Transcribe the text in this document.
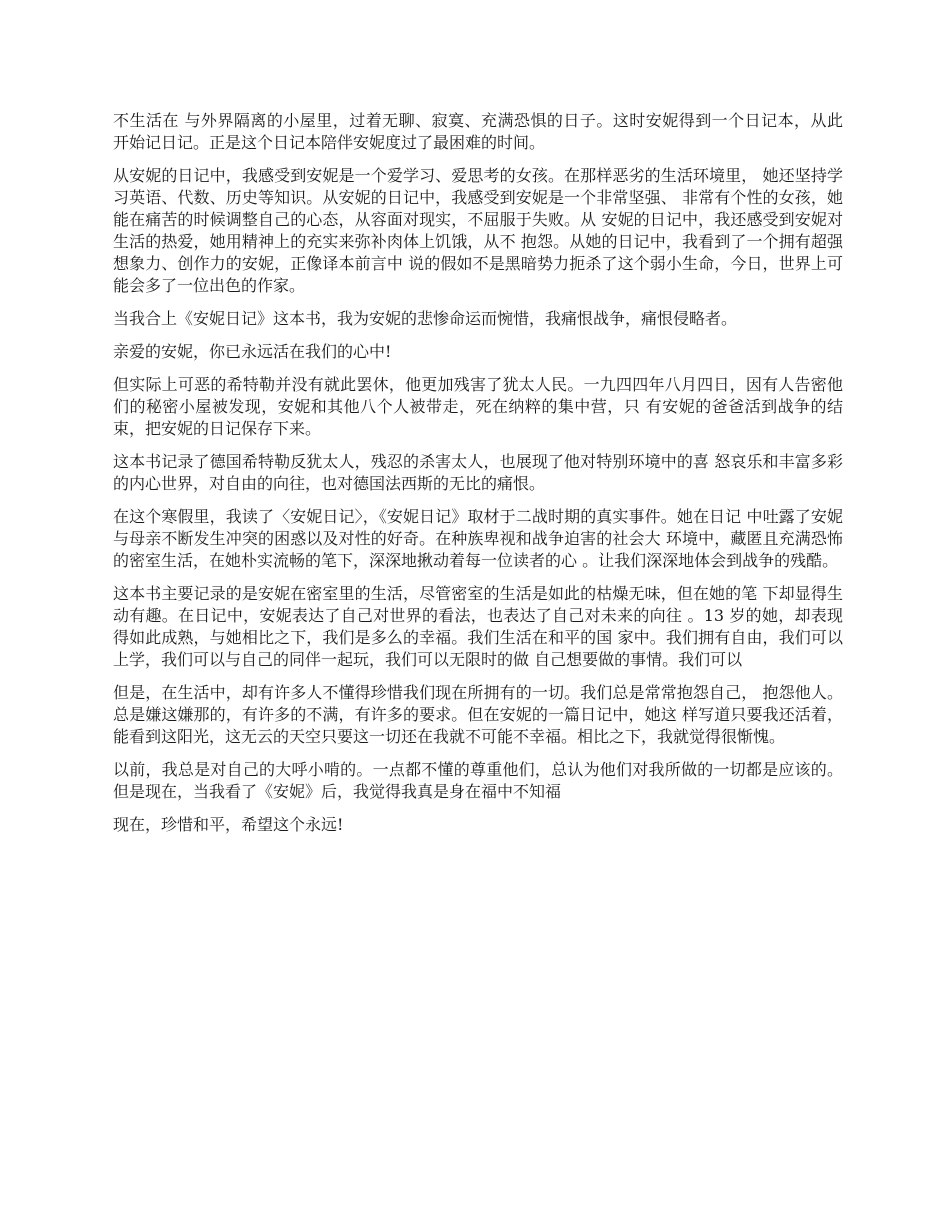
不生活在 与外界隔离的小屋里，过着无聊、寂寞、充满恐惧的日子。这时安妮得到一个日记本，从此 开始记日记。正是这个日记本陪伴安妮度过了最困难的时间。

从安妮的日记中，我感受到安妮是一个爱学习、爱思考的女孩。在那样恶劣的生活环境里， 她还坚持学习英语、代数、历史等知识。从安妮的日记中，我感受到安妮是一个非常坚强、 非常有个性的女孩，她能在痛苦的时候调整自己的心态，从容面对现实，不屈服于失败。从 安妮的日记中，我还感受到安妮对生活的热爱，她用精神上的充实来弥补肉体上饥饿，从不 抱怨。从她的日记中，我看到了一个拥有超强想象力、创作力的安妮，正像译本前言中 说的假如不是黑暗势力扼杀了这个弱小生命，今日，世界上可能会多了一位出色的作家。

当我合上《安妮日记》这本书，我为安妮的悲惨命运而惋惜，我痛恨战争，痛恨侵略者。

亲爱的安妮，你已永远活在我们的心中!

但实际上可恶的希特勒并没有就此罢休，他更加残害了犹太人民。一九四四年八月四日，因有人告密他们的秘密小屋被发现，安妮和其他八个人被带走，死在纳粹的集中营，只 有安妮的爸爸活到战争的结束，把安妮的日记保存下来。

这本书记录了德国希特勒反犹太人，残忍的杀害太人，也展现了他对特别环境中的喜 怒哀乐和丰富多彩的内心世界，对自由的向往，也对德国法西斯的无比的痛恨。

在这个寒假里，我读了〈安妮日记〉，《安妮日记》取材于二战时期的真实事件。她在日记 中吐露了安妮与母亲不断发生冲突的困惑以及对性的好奇。在种族卑视和战争迫害的社会大 环境中，藏匿且充满恐怖的密室生活，在她朴实流畅的笔下，深深地揪动着每一位读者的心 。让我们深深地体会到战争的残酷。

这本书主要记录的是安妮在密室里的生活，尽管密室的生活是如此的枯燥无味，但在她的笔 下却显得生动有趣。在日记中，安妮表达了自己对世界的看法，也表达了自己对未来的向往 。13 岁的她，却表现得如此成熟，与她相比之下，我们是多么的幸福。我们生活在和平的国 家中。我们拥有自由，我们可以上学，我们可以与自己的同伴一起玩，我们可以无限时的做 自己想要做的事情。我们可以

但是，在生活中，却有许多人不懂得珍惜我们现在所拥有的一切。我们总是常常抱怨自己， 抱怨他人。总是嫌这嫌那的，有许多的不满，有许多的要求。但在安妮的一篇日记中，她这 样写道只要我还活着，能看到这阳光，这无云的天空只要这一切还在我就不可能不幸福。相比之下，我就觉得很惭愧。

以前，我总是对自己的大呼小啃的。一点都不懂的尊重他们，总认为他们对我所做的一切都是应该的。但是现在，当我看了《安妮》后，我觉得我真是身在福中不知福

现在，珍惜和平，希望这个永远!
